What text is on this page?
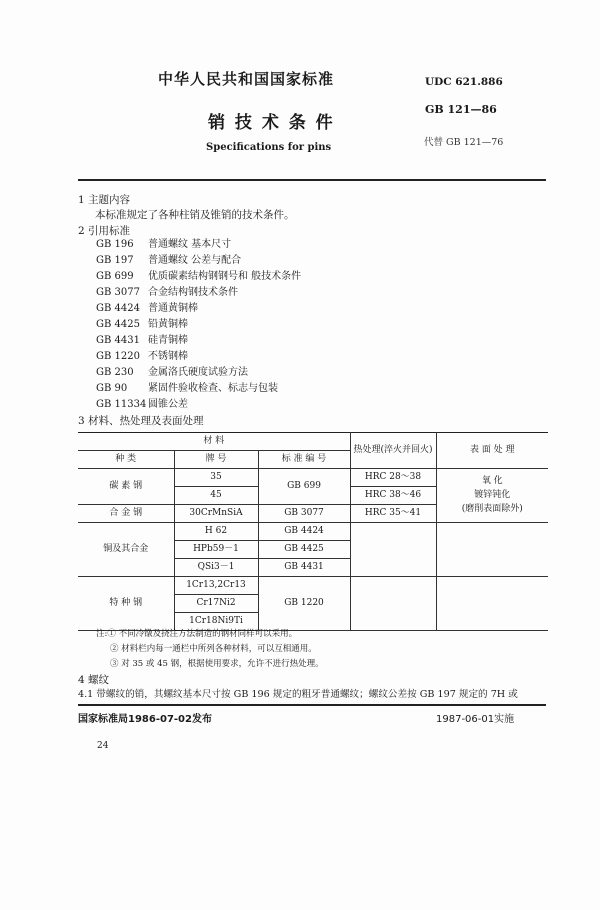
中华人民共和国国家标准	UDC 621.886
GB 121—86
销 技 术 条 件
Specifications for pins	代替 GB 121—76
1 主题内容
本标准规定了各种柱销及锥销的技术条件。
2 引用标准
GB 196 普通螺纹 基本尺寸
GB 197 普通螺纹 公差与配合
GB 699 优质碳素结构钢钢号和 般技术条件
GB 3077 合金结构钢技术条件
GB 4424 普通黄铜棒
GB 4425 铅黄铜棒
GB 4431 硅青铜棒
GB 1220 不锈钢棒
GB 230 金属洛氏硬度试验方法
GB 90 紧固件验收检查、标志与包装
GB 11334 圆锥公差
3 材料、热处理及表面处理
材 料			热处理(淬火并回火)	表 面 处 理
种 类	牌 号	标 准 编 号		
碳 素 钢	35	GB 699	HRC 28～38	氧 化
镀锌钝化
(磨削表面除外)

	45		HRC 38～46	
合 金 钢	30CrMnSiA	GB 3077	HRC 35～41	
铜及其合金	H 62	GB 4424		
	HPb59－1	GB 4425		
	QSi3－1	GB 4431		
特 种 钢	1Cr13,2Cr13	GB 1220		
	Cr17Ni2			
	1Cr18Ni9Ti			
注:① 不同冷镦及挠注方法制造的钢材同样可以采用。
② 材料栏内每一通栏中所列各种材料，可以互相通用。
③ 对 35 或 45 钢，根据使用要求，允许不进行热处理。
4 螺纹
4.1 带螺纹的销，其螺纹基本尺寸按 GB 196 规定的粗牙普通螺纹；螺纹公差按 GB 197 规定的 7H 或
国家标准局1986-07-02发布	1987-06-01实施
24
